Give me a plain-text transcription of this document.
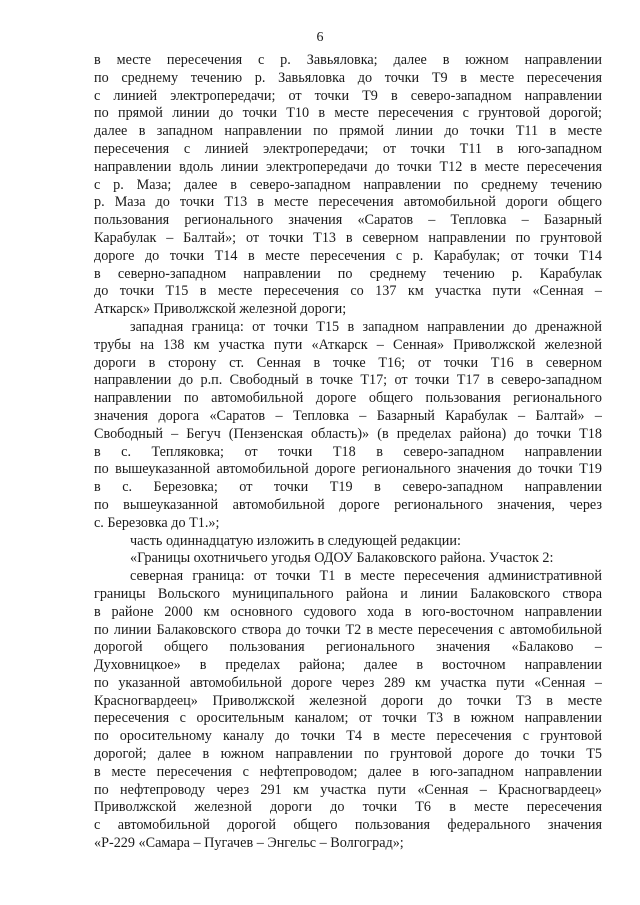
6
в месте пересечения с р. Завьяловка; далее в южном направлении
по среднему течению р. Завьяловка до точки Т9 в месте пересечения
с линией электропередачи; от точки Т9 в северо-западном направлении
по прямой линии до точки Т10 в месте пересечения с грунтовой дорогой;
далее в западном направлении по прямой линии до точки Т11 в месте
пересечения с линией электропередачи; от точки Т11 в юго-западном
направлении вдоль линии электропередачи до точки Т12 в месте пересечения
с р. Маза; далее в северо-западном направлении по среднему течению
р. Маза до точки Т13 в месте пересечения автомобильной дороги общего
пользования регионального значения «Саратов – Тепловка – Базарный
Карабулак – Балтай»; от точки Т13 в северном направлении по грунтовой
дороге до точки Т14 в месте пересечения с р. Карабулак; от точки Т14
в северно-западном направлении по среднему течению р. Карабулак
до точки Т15 в месте пересечения со 137 км участка пути «Сенная –
Аткарск» Приволжской железной дороги;
западная граница: от точки Т15 в западном направлении до дренажной
трубы на 138 км участка пути «Аткарск – Сенная» Приволжской железной
дороги в сторону ст. Сенная в точке Т16; от точки Т16 в северном
направлении до р.п. Свободный в точке Т17; от точки Т17 в северо-западном
направлении по автомобильной дороге общего пользования регионального
значения дорога «Саратов – Тепловка – Базарный Карабулак – Балтай» –
Свободный – Бегуч (Пензенская область)» (в пределах района) до точки Т18
в с. Тепляковка; от точки Т18 в северо-западном направлении
по вышеуказанной автомобильной дороге регионального значения до точки Т19
в с. Березовка; от точки Т19 в северо-западном направлении
по вышеуказанной автомобильной дороге регионального значения, через
с. Березовка до Т1.»;
часть одиннадцатую изложить в следующей редакции:
«Границы охотничьего угодья ОДОУ Балаковского района. Участок 2:
северная граница: от точки Т1 в месте пересечения административной
границы Вольского муниципального района и линии Балаковского створа
в районе 2000 км основного судового хода в юго-восточном направлении
по линии Балаковского створа до точки Т2 в месте пересечения с автомобильной
дорогой общего пользования регионального значения «Балаково –
Духовницкое» в пределах района; далее в восточном направлении
по указанной автомобильной дороге через 289 км участка пути «Сенная –
Красногвардеец» Приволжской железной дороги до точки Т3 в месте
пересечения с оросительным каналом; от точки Т3 в южном направлении
по оросительному каналу до точки Т4 в месте пересечения с грунтовой
дорогой; далее в южном направлении по грунтовой дороге до точки Т5
в месте пересечения с нефтепроводом; далее в юго-западном направлении
по нефтепроводу через 291 км участка пути «Сенная – Красногвардеец»
Приволжской железной дороги до точки Т6 в месте пересечения
с автомобильной дорогой общего пользования федерального значения
«Р-229 «Самара – Пугачев – Энгельс – Волгоград»;
